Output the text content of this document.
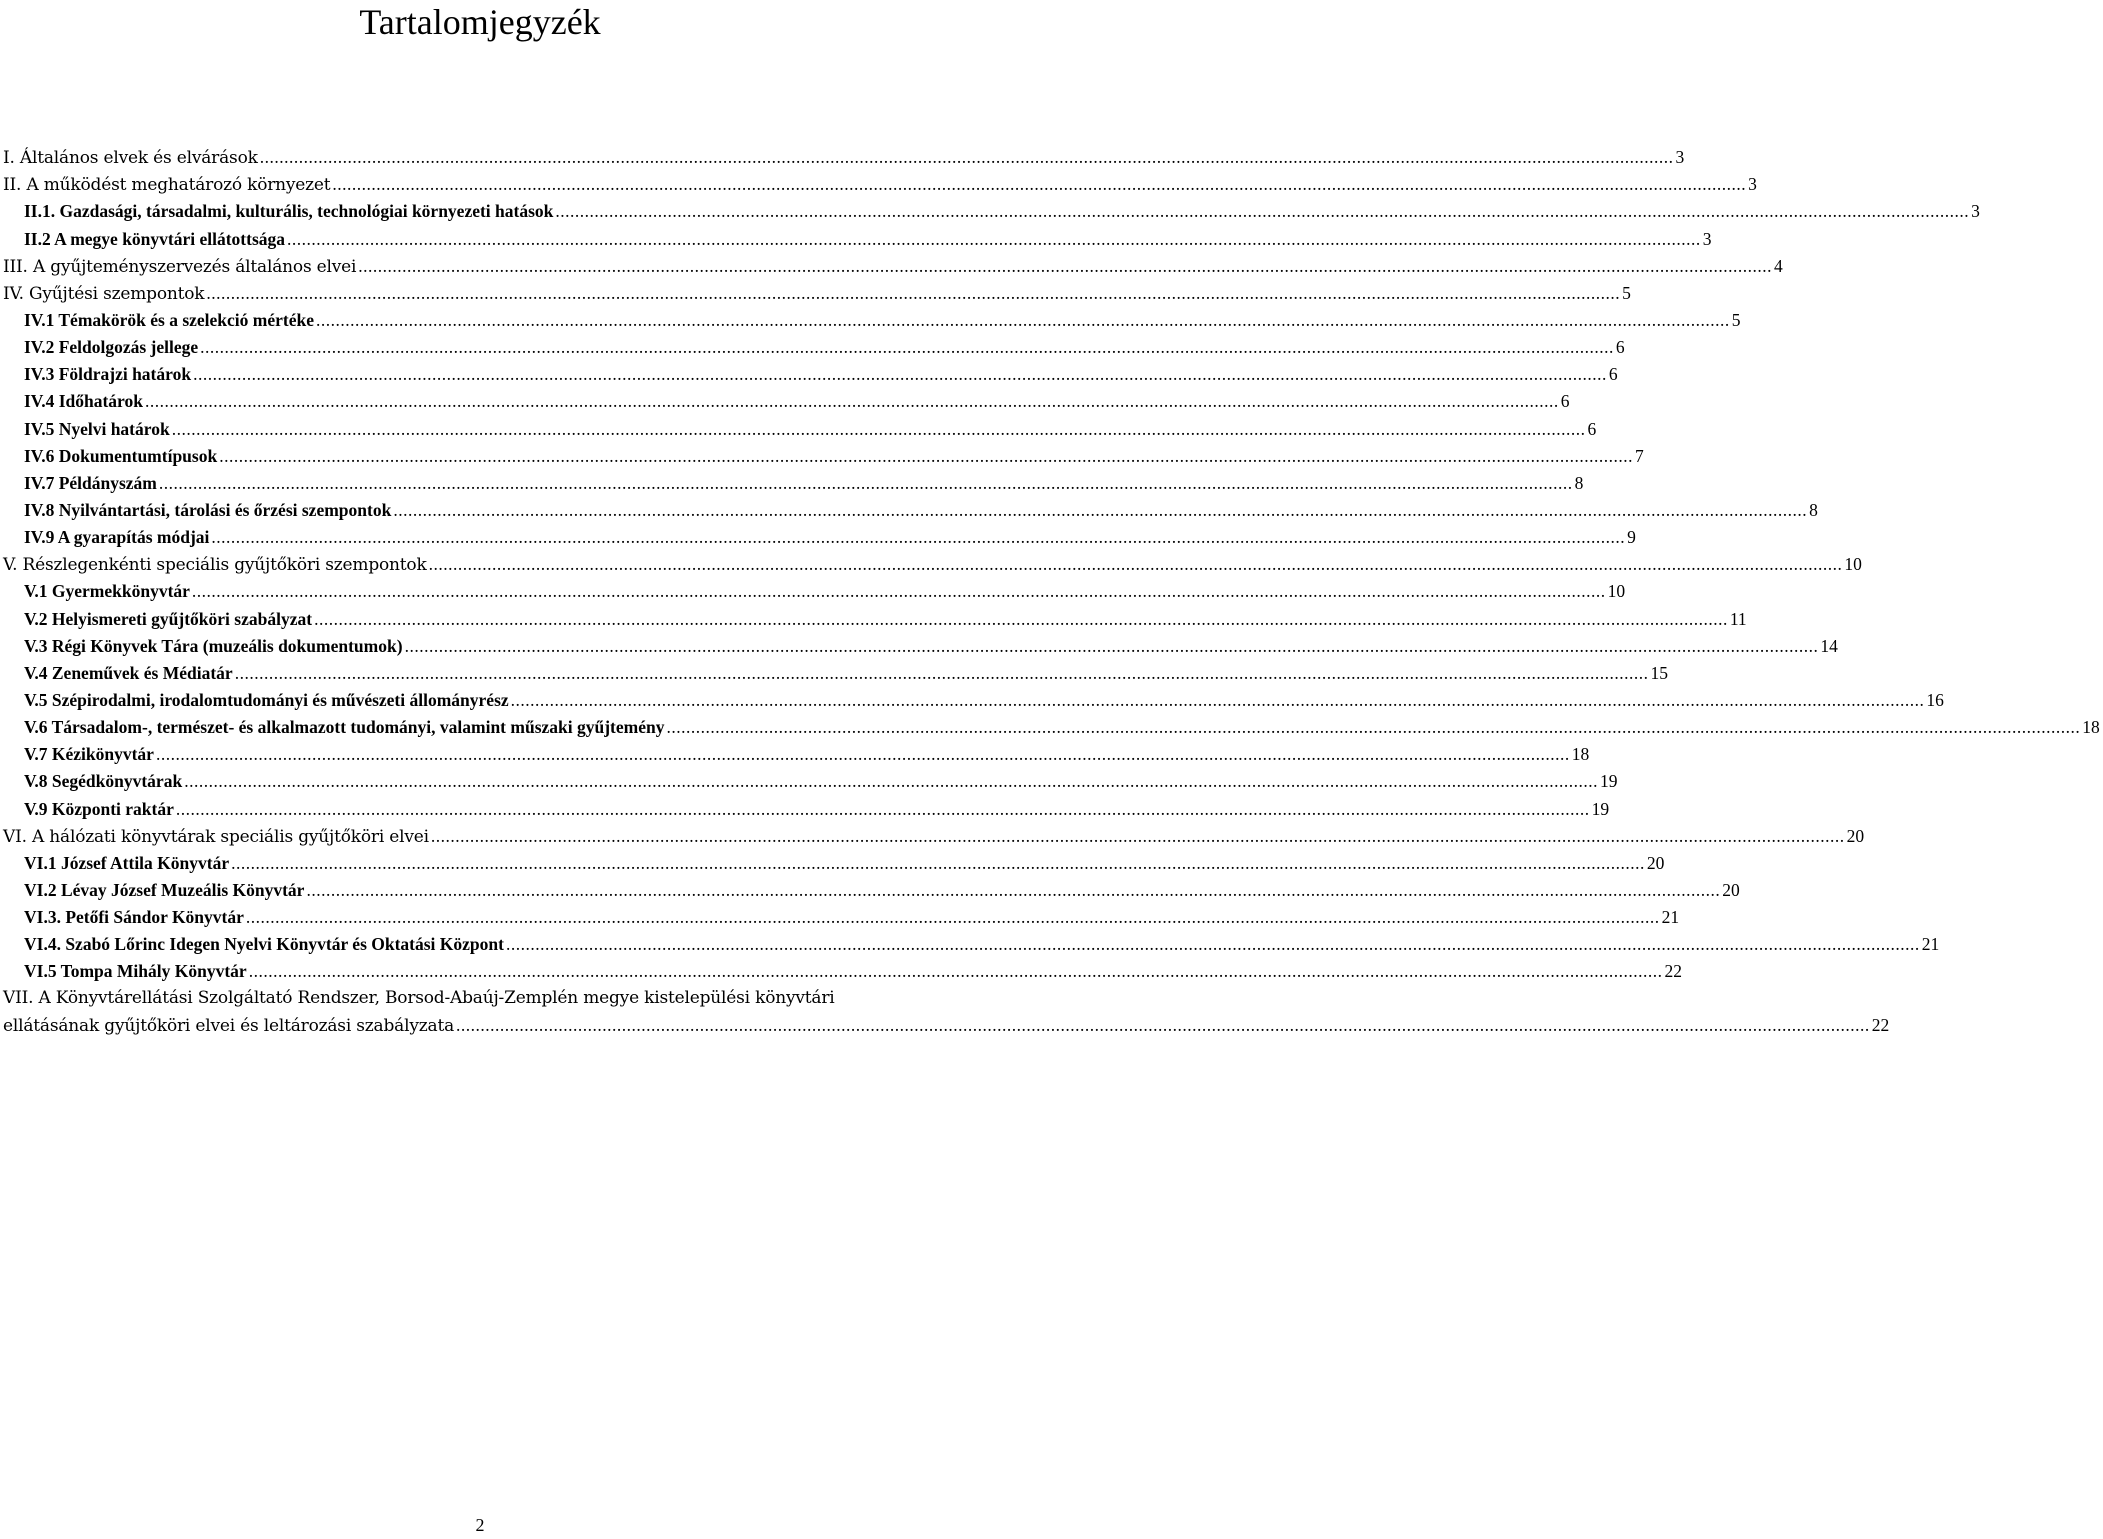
Tartalomjegyzék
I. Általános elvek és elvárások .....	3
II. A működést meghatározó környezet .....	3
II.1. Gazdasági, társadalmi, kulturális, technológiai környezeti hatások .....	3
II.2 A megye könyvtári ellátottsága .....	3
III. A gyűjteményszervezés általános elvei .....	4
IV. Gyűjtési szempontok .....	5
IV.1 Témakörök és a szelekció mértéke .....	5
IV.2 Feldolgozás jellege .....	6
IV.3 Földrajzi határok .....	6
IV.4 Időhatárok .....	6
IV.5 Nyelvi határok .....	6
IV.6 Dokumentumtípusok .....	7
IV.7 Példányszám .....	8
IV.8 Nyilvántartási, tárolási és őrzési szempontok .....	8
IV.9 A gyarapítás módjai .....	9
V. Részlegenkénti speciális gyűjtőköri szempontok .....	10
V.1 Gyermekkönyvtár .....	10
V.2 Helyismereti gyűjtőköri szabályzat .....	11
V.3 Régi Könyvek Tára (muzeális dokumentumok) .....	14
V.4 Zeneművek és Médiatár .....	15
V.5 Szépirodalmi, irodalomtudományi és művészeti állományrész .....	16
V.6 Társadalom-, természet- és alkalmazott tudományi, valamint műszaki gyűjtemény .....	18
V.7 Kézikönyvtár .....	18
V.8 Segédkönyvtárak .....	19
V.9 Központi raktár .....	19
VI. A hálózati könyvtárak speciális gyűjtőköri elvei .....	20
VI.1 József Attila Könyvtár .....	20
VI.2 Lévay József Muzeális Könyvtár .....	20
VI.3. Petőfi Sándor Könyvtár .....	21
VI.4. Szabó Lőrinc Idegen Nyelvi Könyvtár és Oktatási Központ .....	21
VI.5 Tompa Mihály Könyvtár .....	22
VII. A Könyvtárellátási Szolgáltató Rendszer, Borsod-Abaúj-Zemplén megye kistelepülési könyvtári
ellátásának gyűjtőköri elvei és leltározási szabályzata .....	22
2
